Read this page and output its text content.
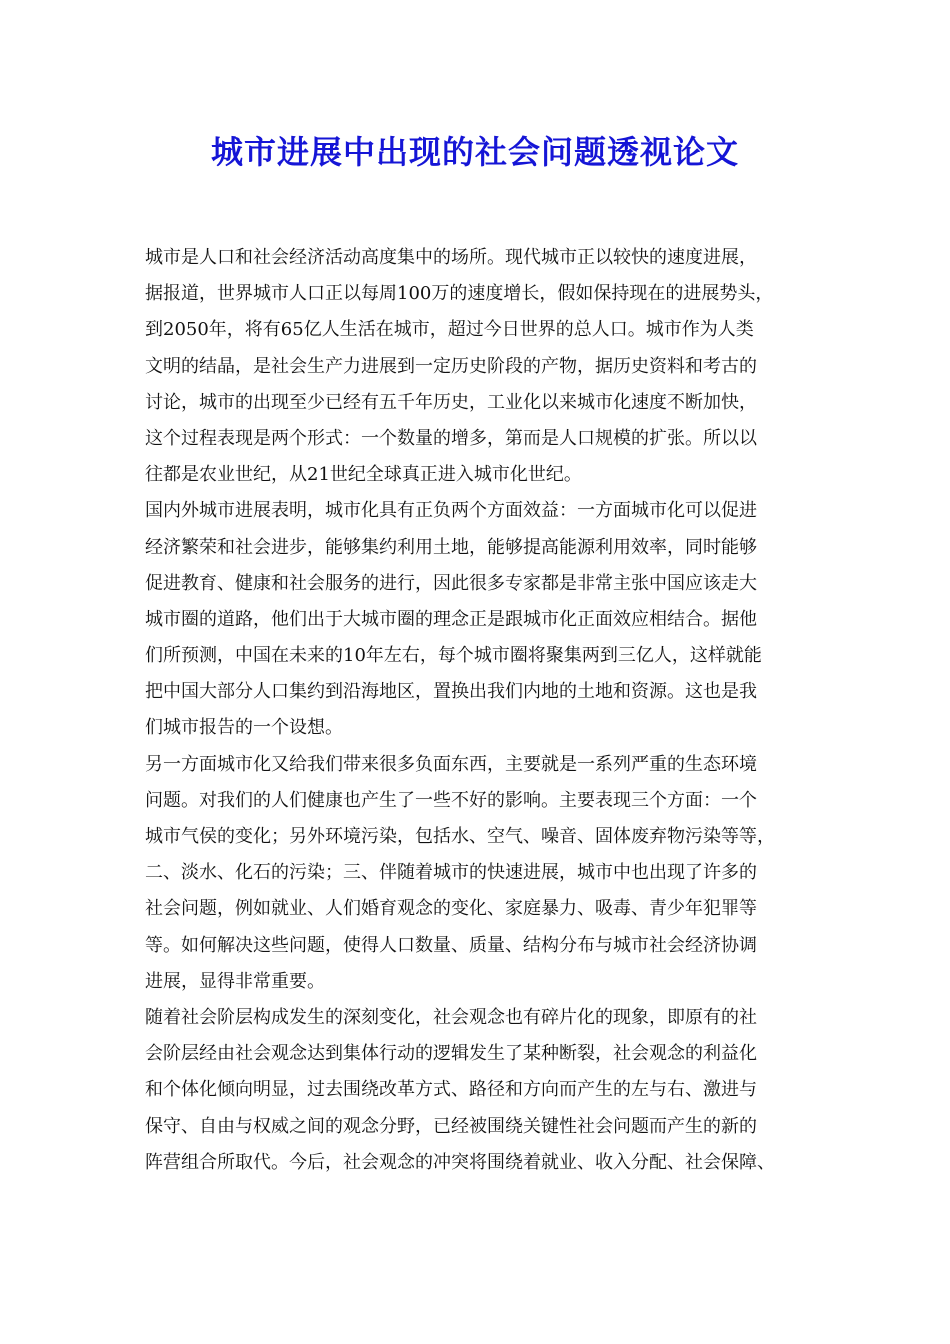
城市进展中出现的社会问题透视论文

城市是人口和社会经济活动高度集中的场所。现代城市正以较快的速度进展，
据报道，世界城市人口正以每周100万的速度增长，假如保持现在的进展势头，
到2050年，将有65亿人生活在城市，超过今日世界的总人口。城市作为人类
文明的结晶，是社会生产力进展到一定历史阶段的产物，据历史资料和考古的
讨论，城市的出现至少已经有五千年历史，工业化以来城市化速度不断加快，
这个过程表现是两个形式：一个数量的增多，第而是人口规模的扩张。所以以
往都是农业世纪，从21世纪全球真正进入城市化世纪。

国内外城市进展表明，城市化具有正负两个方面效益：一方面城市化可以促进
经济繁荣和社会进步，能够集约利用土地，能够提高能源利用效率，同时能够
促进教育、健康和社会服务的进行，因此很多专家都是非常主张中国应该走大
城市圈的道路，他们出于大城市圈的理念正是跟城市化正面效应相结合。据他
们所预测，中国在未来的10年左右，每个城市圈将聚集两到三亿人，这样就能
把中国大部分人口集约到沿海地区，置换出我们内地的土地和资源。这也是我
们城市报告的一个设想。

另一方面城市化又给我们带来很多负面东西，主要就是一系列严重的生态环境
问题。对我们的人们健康也产生了一些不好的影响。主要表现三个方面：一个
城市气侯的变化；另外环境污染，包括水、空气、噪音、固体废弃物污染等等，
二、淡水、化石的污染；三、伴随着城市的快速进展，城市中也出现了许多的
社会问题，例如就业、人们婚育观念的变化、家庭暴力、吸毒、青少年犯罪等
等。如何解决这些问题，使得人口数量、质量、结构分布与城市社会经济协调
进展，显得非常重要。

随着社会阶层构成发生的深刻变化，社会观念也有碎片化的现象，即原有的社
会阶层经由社会观念达到集体行动的逻辑发生了某种断裂，社会观念的利益化
和个体化倾向明显，过去围绕改革方式、路径和方向而产生的左与右、激进与
保守、自由与权威之间的观念分野，已经被围绕关键性社会问题而产生的新的
阵营组合所取代。今后，社会观念的冲突将围绕着就业、收入分配、社会保障、
